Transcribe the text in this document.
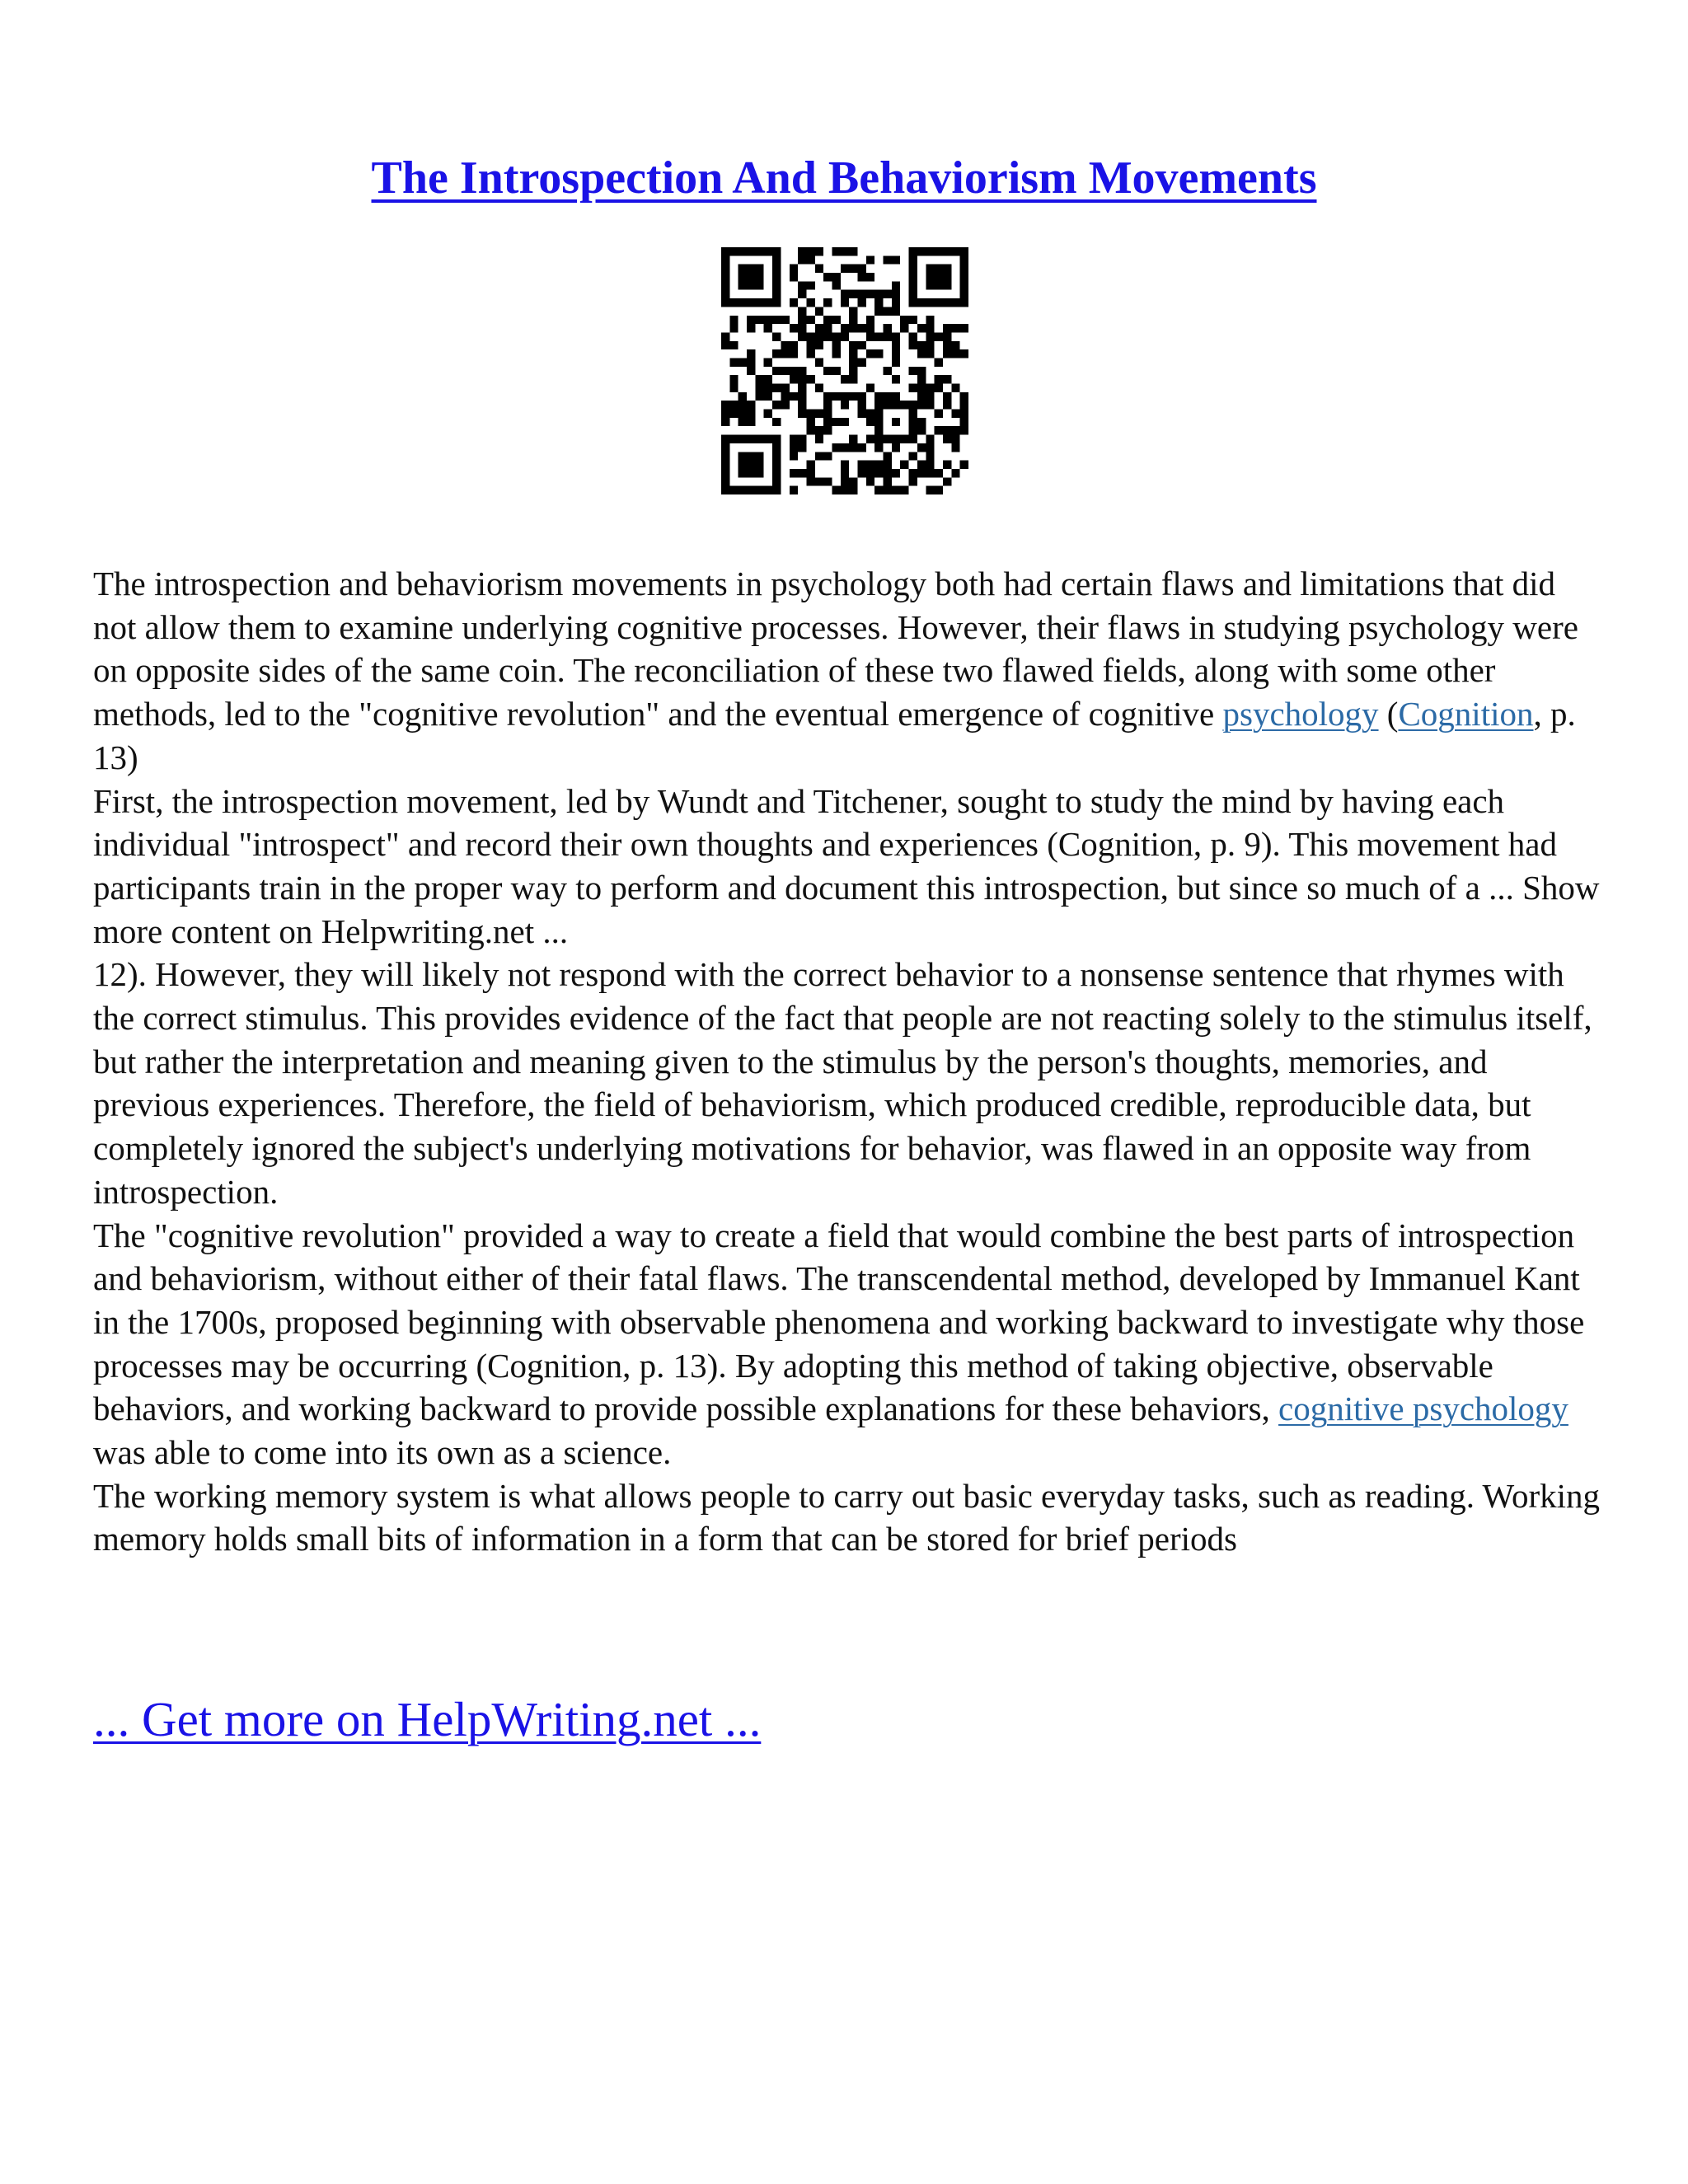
The Introspection And Behaviorism Movements

The introspection and behaviorism movements in psychology both had certain flaws and limitations that did not allow them to examine underlying cognitive processes. However, their flaws in studying psychology were on opposite sides of the same coin. The reconciliation of these two flawed fields, along with some other methods, led to the "cognitive revolution" and the eventual emergence of cognitive psychology (Cognition, p. 13)

First, the introspection movement, led by Wundt and Titchener, sought to study the mind by having each individual "introspect" and record their own thoughts and experiences (Cognition, p. 9). This movement had participants train in the proper way to perform and document this introspection, but since so much of a ... Show more content on Helpwriting.net ...

12). However, they will likely not respond with the correct behavior to a nonsense sentence that rhymes with the correct stimulus. This provides evidence of the fact that people are not reacting solely to the stimulus itself, but rather the interpretation and meaning given to the stimulus by the person's thoughts, memories, and previous experiences. Therefore, the field of behaviorism, which produced credible, reproducible data, but completely ignored the subject's underlying motivations for behavior, was flawed in an opposite way from introspection.

The "cognitive revolution" provided a way to create a field that would combine the best parts of introspection and behaviorism, without either of their fatal flaws. The transcendental method, developed by Immanuel Kant in the 1700s, proposed beginning with observable phenomena and working backward to investigate why those processes may be occurring (Cognition, p. 13). By adopting this method of taking objective, observable behaviors, and working backward to provide possible explanations for these behaviors, cognitive psychology was able to come into its own as a science.

The working memory system is what allows people to carry out basic everyday tasks, such as reading. Working memory holds small bits of information in a form that can be stored for brief periods

... Get more on HelpWriting.net ...
